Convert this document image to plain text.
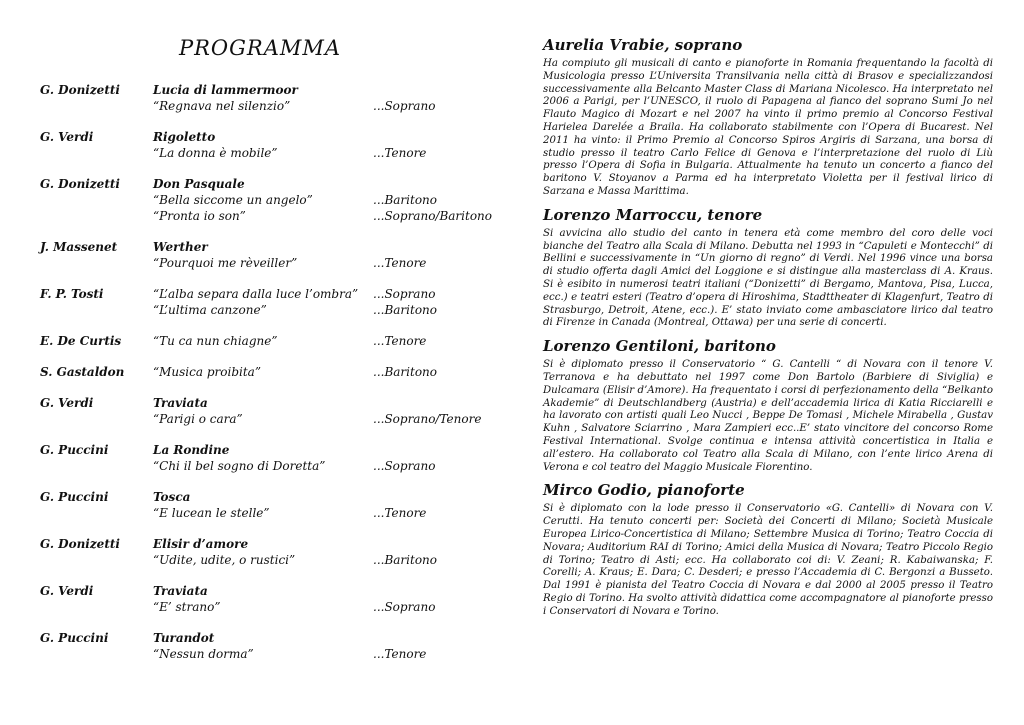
PROGRAMMA
G. Donizetti	Lucia di lammermoor
“Regnava nel silenzio”	...Soprano
G. Verdi	Rigoletto
“La donna è mobile”	...Tenore
G. Donizetti	Don Pasquale
“Bella siccome un angelo”	...Baritono
“Pronta io son”	...Soprano/Baritono
J. Massenet	Werther
“Pourquoi me rèveiller”	...Tenore
F. P. Tosti	“L’alba separa dalla luce l’ombra” ...Soprano
“L’ultima canzone”	...Baritono
E. De Curtis	“Tu ca nun chiagne”	...Tenore
S. Gastaldon	“Musica proibita”	...Baritono
G. Verdi	Traviata
“Parigi o cara”	...Soprano/Tenore
G. Puccini	La Rondine
“Chi il bel sogno di Doretta”	...Soprano
G. Puccini	Tosca
“E lucean le stelle”	...Tenore
G. Donizetti	Elisir d’amore
“Udite, udite, o rustici”	...Baritono
G. Verdi	Traviata
“E’ strano”	...Soprano
G. Puccini	Turandot
“Nessun dorma”	...Tenore
Aurelia Vrabie, soprano

Ha compiuto gli musicali di canto e pianoforte in Romania frequentando la facoltà di Musicologia presso L’Universita Transilvania nella città di Brasov e specializzandosi successivamente alla Belcanto Master Class di Mariana Nicolesco. Ha interpretato nel 2006 a Parigi, per l’UNESCO, il ruolo di Papagena al fianco del soprano Sumi Jo nel Flauto Magico di Mozart e nel 2007 ha vinto il primo premio al Concorso Festival Harielea Darelée a Braila. Ha collaborato stabilmente con l’Opera di Bucarest. Nel 2011 ha vinto: il Primo Premio al Concorso Spiros Argiris di Sarzana, una borsa di studio presso il teatro Carlo Felice di Genova e l’interpretazione del ruolo di Liù presso l’Opera di Sofia in Bulgaria. Attualmente ha tenuto un concerto a fianco del baritono V. Stoyanov a Parma ed ha interpretato Violetta per il festival lirico di Sarzana e Massa Marittima.

Lorenzo Marroccu, tenore

Si avvicina allo studio del canto in tenera età come membro del coro delle voci bianche del Teatro alla Scala di Milano. Debutta nel 1993 in “Capuleti e Montecchi” di Bellini e successivamente in “Un giorno di regno” di Verdi. Nel 1996 vince una borsa di studio offerta dagli Amici del Loggione e si distingue alla masterclass di A. Kraus. Si è esibito in numerosi teatri italiani (“Donizetti” di Bergamo, Mantova, Pisa, Lucca, ecc.) e teatri esteri (Teatro d’opera di Hiroshima, Stadttheater di Klagenfurt, Teatro di Strasburgo, Detroit, Atene, ecc.). E’ stato inviato come ambasciatore lirico dal teatro di Firenze in Canada (Montreal, Ottawa) per una serie di concerti.

Lorenzo Gentiloni, baritono

Si è diplomato presso il Conservatorio “ G. Cantelli “ di Novara con il tenore V. Terranova e ha debuttato nel 1997 come Don Bartolo (Barbiere di Siviglia) e Dulcamara (Elisir d’Amore). Ha frequentato i corsi di perfezionamento della “Belkanto Akademie” di Deutschlandberg (Austria) e dell’accademia lirica di Katia Ricciarelli e ha lavorato con artisti quali Leo Nucci , Beppe De Tomasi , Michele Mirabella , Gustav Kuhn , Salvatore Sciarrino , Mara Zampieri ecc..E’ stato vincitore del concorso Rome Festival International. Svolge continua e intensa attività concertistica in Italia e all’estero. Ha collaborato col Teatro alla Scala di Milano, con l’ente lirico Arena di Verona e col teatro del Maggio Musicale Fiorentino.

Mirco Godio, pianoforte

Si è diplomato con la lode presso il Conservatorio «G. Cantelli» di Novara con V. Cerutti. Ha tenuto concerti per: Società dei Concerti di Milano; Società Musicale Europea Lirico-Concertistica di Milano; Settembre Musica di Torino; Teatro Coccia di Novara; Auditorium RAI di Torino; Amici della Musica di Novara; Teatro Piccolo Regio di Torino; Teatro di Asti; ecc. Ha collaborato coi di: V. Zeani; R. Kabaiwanska; F. Corelli; A. Kraus; E. Dara; C. Desderi; e presso l’Accademia di C. Bergonzi a Busseto. Dal 1991 è pianista del Teatro Coccia di Novara e dal 2000 al 2005 presso il Teatro Regio di Torino. Ha svolto attività didattica come accompagnatore al pianoforte presso i Conservatori di Novara e Torino.
